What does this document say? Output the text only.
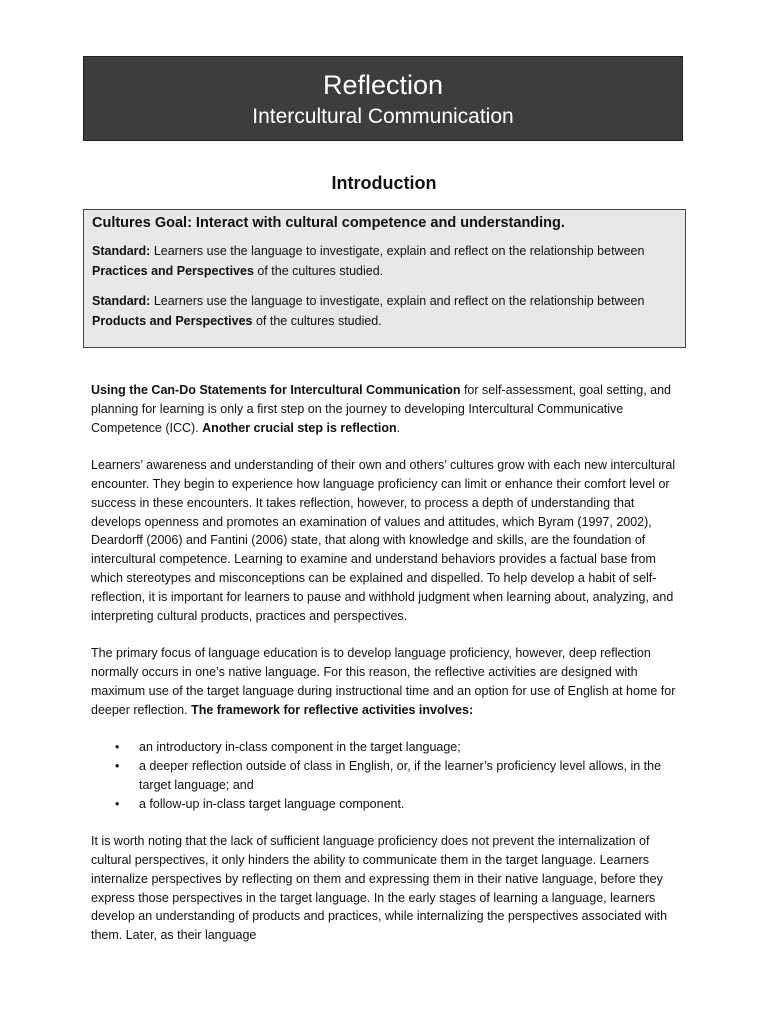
Reflection
Intercultural Communication
Introduction
Cultures Goal: Interact with cultural competence and understanding.
Standard: Learners use the language to investigate, explain and reflect on the relationship between Practices and Perspectives of the cultures studied.
Standard: Learners use the language to investigate, explain and reflect on the relationship between Products and Perspectives of the cultures studied.

Using the Can-Do Statements for Intercultural Communication for self-assessment, goal setting, and planning for learning is only a first step on the journey to developing Intercultural Communicative Competence (ICC). Another crucial step is reflection.

Learners’ awareness and understanding of their own and others’ cultures grow with each new intercultural encounter. They begin to experience how language proficiency can limit or enhance their comfort level or success in these encounters. It takes reflection, however, to process a depth of understanding that develops openness and promotes an examination of values and attitudes, which Byram (1997, 2002), Deardorff (2006) and Fantini (2006) state, that along with knowledge and skills, are the foundation of intercultural competence. Learning to examine and understand behaviors provides a factual base from which stereotypes and misconceptions can be explained and dispelled. To help develop a habit of self-reflection, it is important for learners to pause and withhold judgment when learning about, analyzing, and interpreting cultural products, practices and perspectives.

The primary focus of language education is to develop language proficiency, however, deep reflection normally occurs in one’s native language. For this reason, the reflective activities are designed with maximum use of the target language during instructional time and an option for use of English at home for deeper reflection. The framework for reflective activities involves:

• an introductory in-class component in the target language;
• a deeper reflection outside of class in English, or, if the learner’s proficiency level allows, in the target language; and
• a follow-up in-class target language component.

It is worth noting that the lack of sufficient language proficiency does not prevent the internalization of cultural perspectives, it only hinders the ability to communicate them in the target language. Learners internalize perspectives by reflecting on them and expressing them in their native language, before they express those perspectives in the target language. In the early stages of learning a language, learners develop an understanding of products and practices, while internalizing the perspectives associated with them. Later, as their language
